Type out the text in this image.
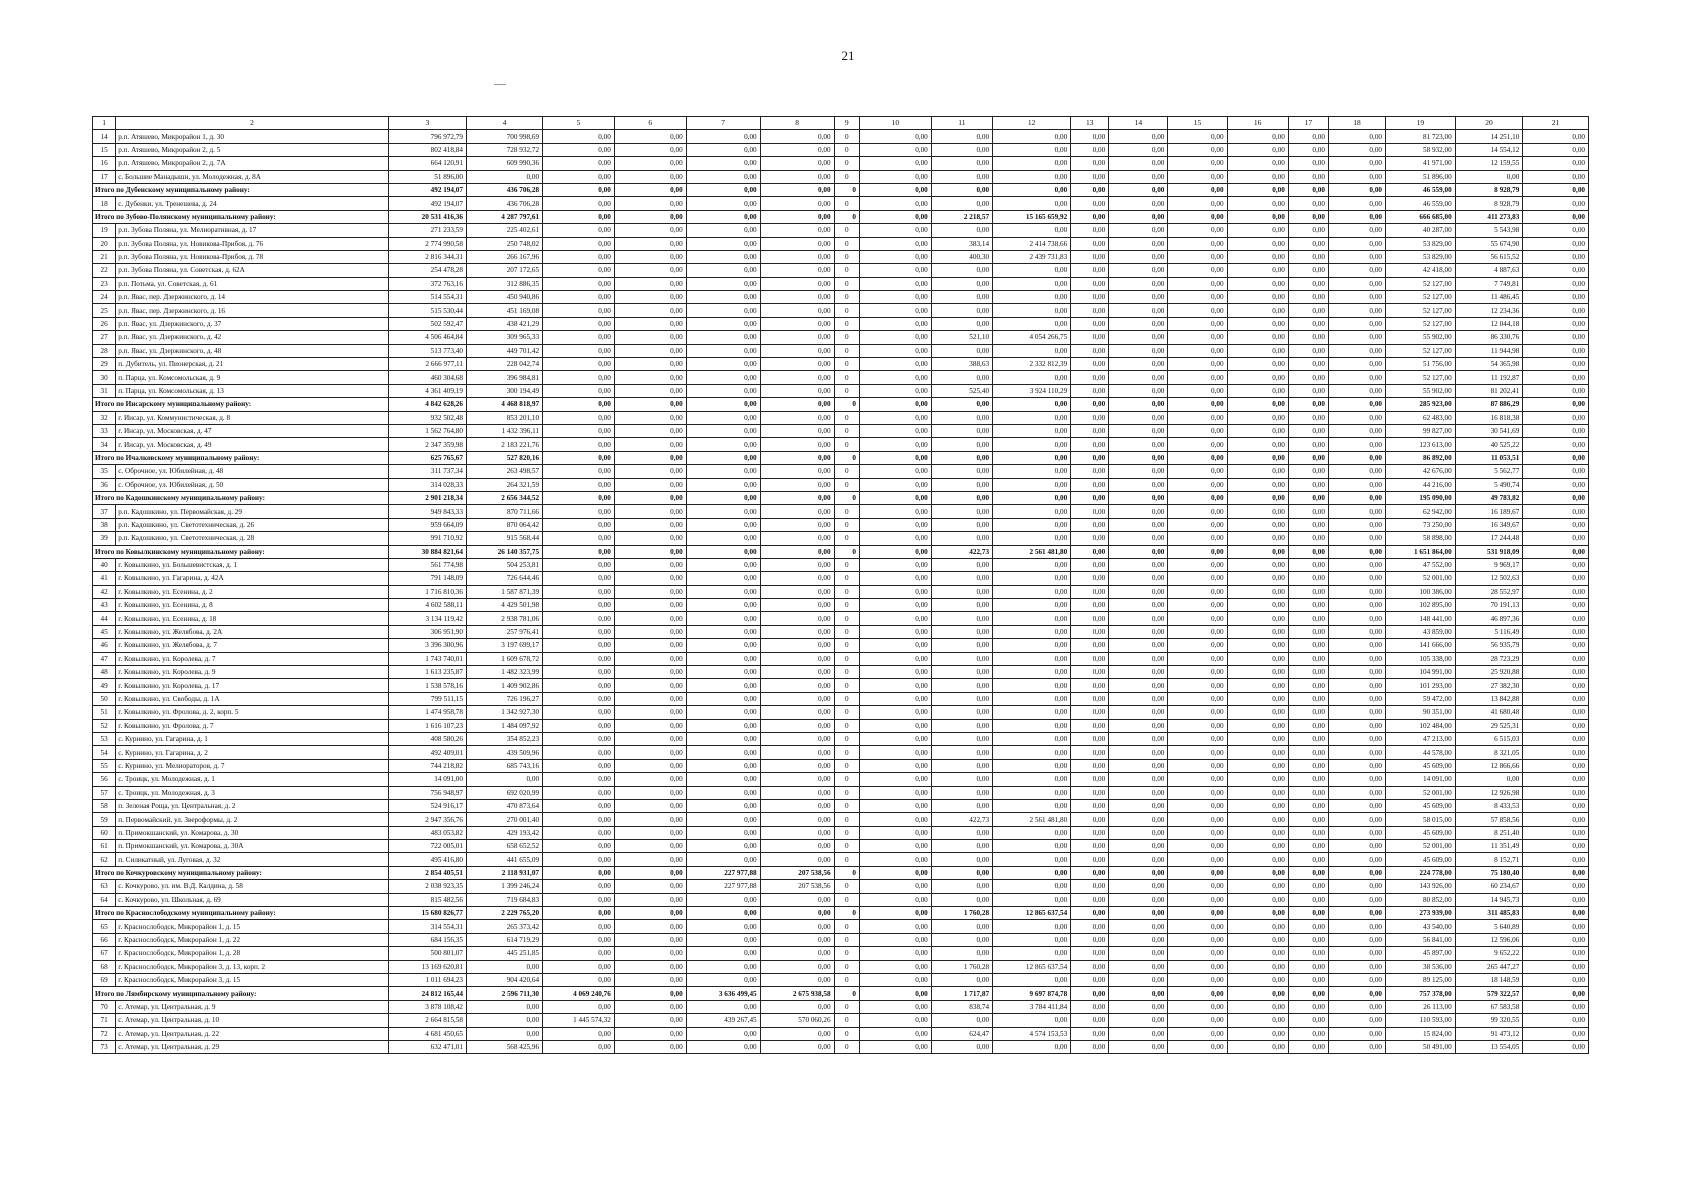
21
1	2	3	4	5	6	7	8	9	10	11	12	13	14	15	16	17	18	19	20	21
14	р.п. Атяшево, Микрорайон 1, д. 30	796 972,79	700 998,69	0,00	0,00	0,00	0,00	0	0,00	0,00	0,00	0,00	0,00	0,00	0,00	0,00	0,00	81 723,00	14 251,10	0,00
15	р.п. Атяшево, Микрорайон 2, д. 5	802 418,84	728 932,72	0,00	0,00	0,00	0,00	0	0,00	0,00	0,00	0,00	0,00	0,00	0,00	0,00	0,00	58 932,00	14 554,12	0,00
16	р.п. Атяшево, Микрорайон 2, д. 7А	664 120,91	609 990,36	0,00	0,00	0,00	0,00	0	0,00	0,00	0,00	0,00	0,00	0,00	0,00	0,00	0,00	41 971,00	12 159,55	0,00
17	с. Большие Манадыши, ул. Молодежная, д. 8А	51 896,00	0,00	0,00	0,00	0,00	0,00	0	0,00	0,00	0,00	0,00	0,00	0,00	0,00	0,00	0,00	51 896,00	0,00	0,00
Итого по Дубенскому муниципальному району:		492 194,07	436 706,28	0,00	0,00	0,00	0,00	0	0,00	0,00	0,00	0,00	0,00	0,00	0,00	0,00	0,00	46 559,00	8 928,79	0,00
18	с. Дубенки, ул. Тренешева, д. 24	492 194,07	436 706,28	0,00	0,00	0,00	0,00	0	0,00	0,00	0,00	0,00	0,00	0,00	0,00	0,00	0,00	46 559,00	8 928,79	0,00
Итого по Зубово-Полянскому муниципальному району:		20 531 416,36	4 287 797,61	0,00	0,00	0,00	0,00	0	0,00	2 218,57	15 165 659,92	0,00	0,00	0,00	0,00	0,00	0,00	666 685,00	411 273,83	0,00
19	р.п. Зубова Поляна, ул. Мелиоративная, д. 17	271 233,59	225 402,61	0,00	0,00	0,00	0,00	0	0,00	0,00	0,00	0,00	0,00	0,00	0,00	0,00	0,00	40 287,00	5 543,98	0,00
20	р.п. Зубова Поляна, ул. Новикова-Прибоя, д. 76	2 774 990,58	250 748,02	0,00	0,00	0,00	0,00	0	0,00	383,14	2 414 738,66	0,00	0,00	0,00	0,00	0,00	0,00	53 829,00	55 674,90	0,00
21	р.п. Зубова Поляна, ул. Новикова-Прибоя, д. 78	2 816 344,31	266 167,96	0,00	0,00	0,00	0,00	0	0,00	400,30	2 439 731,83	0,00	0,00	0,00	0,00	0,00	0,00	53 829,00	56 615,52	0,00
22	р.п. Зубова Поляна, ул. Советская, д. 62А	254 478,28	207 172,65	0,00	0,00	0,00	0,00	0	0,00	0,00	0,00	0,00	0,00	0,00	0,00	0,00	0,00	42 418,00	4 887,63	0,00
23	р.п. Потьма, ул. Советская, д. 61	372 763,16	312 886,35	0,00	0,00	0,00	0,00	0	0,00	0,00	0,00	0,00	0,00	0,00	0,00	0,00	0,00	52 127,00	7 749,81	0,00
24	р.п. Явас, пер. Дзержинского, д. 14	514 554,31	450 940,86	0,00	0,00	0,00	0,00	0	0,00	0,00	0,00	0,00	0,00	0,00	0,00	0,00	0,00	52 127,00	11 486,45	0,00
25	р.п. Явас, пер. Дзержинского, д. 16	515 530,44	451 169,08	0,00	0,00	0,00	0,00	0	0,00	0,00	0,00	0,00	0,00	0,00	0,00	0,00	0,00	52 127,00	12 234,36	0,00
26	р.п. Явас, ул. Дзержинского, д. 37	502 592,47	438 421,29	0,00	0,00	0,00	0,00	0	0,00	0,00	0,00	0,00	0,00	0,00	0,00	0,00	0,00	52 127,00	12 044,18	0,00
27	р.п. Явас, ул. Дзержинского, д. 42	4 506 464,84	309 965,33	0,00	0,00	0,00	0,00	0	0,00	521,10	4 054 266,75	0,00	0,00	0,00	0,00	0,00	0,00	55 902,00	86 330,76	0,00
28	р.п. Явас, ул. Дзержинского, д. 48	513 773,40	449 701,42	0,00	0,00	0,00	0,00	0	0,00	0,00	0,00	0,00	0,00	0,00	0,00	0,00	0,00	52 127,00	11 944,98	0,00
29	п. Дубитель, ул. Пионерская, д. 21	2 666 977,11	228 042,74	0,00	0,00	0,00	0,00	0	0,00	388,63	2 332 812,39	0,00	0,00	0,00	0,00	0,00	0,00	51 756,00	54 365,98	0,00
30	п. Парца, ул. Комсомольская, д. 9	460 304,68	396 984,81	0,00	0,00	0,00	0,00	0	0,00	0,00	0,00	0,00	0,00	0,00	0,00	0,00	0,00	52 127,00	11 192,87	0,00
31	п. Парца, ул. Комсомольская, д. 13	4 361 409,19	300 194,49	0,00	0,00	0,00	0,00	0	0,00	525,40	3 924 110,29	0,00	0,00	0,00	0,00	0,00	0,00	55 902,00	81 202,41	0,00
Итого по Инсарскому муниципальному району:		4 842 628,26	4 468 818,97	0,00	0,00	0,00	0,00	0	0,00	0,00	0,00	0,00	0,00	0,00	0,00	0,00	0,00	285 923,00	87 886,29	0,00
32	г. Инсар, ул. Коммунистическая, д. 8	932 502,48	853 201,10	0,00	0,00	0,00	0,00	0	0,00	0,00	0,00	0,00	0,00	0,00	0,00	0,00	0,00	62 483,00	16 818,38	0,00
33	г. Инсар, ул. Московская, д. 47	1 562 764,80	1 432 396,11	0,00	0,00	0,00	0,00	0	0,00	0,00	0,00	0,00	0,00	0,00	0,00	0,00	0,00	99 827,00	30 541,69	0,00
34	г. Инсар, ул. Московская, д. 49	2 347 359,98	2 183 221,76	0,00	0,00	0,00	0,00	0	0,00	0,00	0,00	0,00	0,00	0,00	0,00	0,00	0,00	123 613,00	40 525,22	0,00
Итого по Ичалковскому муниципальному району:		625 765,67	527 820,16	0,00	0,00	0,00	0,00	0	0,00	0,00	0,00	0,00	0,00	0,00	0,00	0,00	0,00	86 892,00	11 053,51	0,00
35	с. Оброчное, ул. Юбилейная, д. 48	311 737,34	263 498,57	0,00	0,00	0,00	0,00	0	0,00	0,00	0,00	0,00	0,00	0,00	0,00	0,00	0,00	42 676,00	5 562,77	0,00
36	с. Оброчное, ул. Юбилейная, д. 50	314 028,33	264 321,59	0,00	0,00	0,00	0,00	0	0,00	0,00	0,00	0,00	0,00	0,00	0,00	0,00	0,00	44 216,00	5 490,74	0,00
Итого по Кадошкинскому муниципальному району:		2 901 218,34	2 656 344,52	0,00	0,00	0,00	0,00	0	0,00	0,00	0,00	0,00	0,00	0,00	0,00	0,00	0,00	195 090,00	49 783,82	0,00
37	р.п. Кадошкино, ул. Первомайская, д. 29	949 843,33	870 711,66	0,00	0,00	0,00	0,00	0	0,00	0,00	0,00	0,00	0,00	0,00	0,00	0,00	0,00	62 942,00	16 189,67	0,00
38	р.п. Кадошкино, ул. Светотехническая, д. 26	959 664,09	870 064,42	0,00	0,00	0,00	0,00	0	0,00	0,00	0,00	0,00	0,00	0,00	0,00	0,00	0,00	73 250,00	16 349,67	0,00
39	р.п. Кадошкино, ул. Светотехническая, д. 28	991 710,92	915 568,44	0,00	0,00	0,00	0,00	0	0,00	0,00	0,00	0,00	0,00	0,00	0,00	0,00	0,00	58 898,00	17 244,48	0,00
Итого по Ковылкинскому муниципальному району:		30 884 821,64	26 140 357,75	0,00	0,00	0,00	0,00	0	0,00	422,73	2 561 481,80	0,00	0,00	0,00	0,00	0,00	0,00	1 651 864,00	531 918,09	0,00
40	г. Ковылкино, ул. Большевистская, д. 1	561 774,98	504 253,81	0,00	0,00	0,00	0,00	0	0,00	0,00	0,00	0,00	0,00	0,00	0,00	0,00	0,00	47 552,00	9 969,17	0,00
41	г. Ковылкино, ул. Гагарина, д. 42А	791 148,09	726 644,46	0,00	0,00	0,00	0,00	0	0,00	0,00	0,00	0,00	0,00	0,00	0,00	0,00	0,00	52 001,00	12 502,63	0,00
42	г. Ковылкино, ул. Есенина, д. 2	1 716 810,36	1 587 871,39	0,00	0,00	0,00	0,00	0	0,00	0,00	0,00	0,00	0,00	0,00	0,00	0,00	0,00	100 386,00	28 552,97	0,00
43	г. Ковылкино, ул. Есенина, д. 8	4 602 588,11	4 429 501,98	0,00	0,00	0,00	0,00	0	0,00	0,00	0,00	0,00	0,00	0,00	0,00	0,00	0,00	102 895,00	70 191,13	0,00
44	г. Ковылкино, ул. Есенина, д. 18	3 134 119,42	2 938 781,06	0,00	0,00	0,00	0,00	0	0,00	0,00	0,00	0,00	0,00	0,00	0,00	0,00	0,00	148 441,00	46 897,36	0,00
45	г. Ковылкино, ул. Желябова, д. 2А	306 951,90	257 976,41	0,00	0,00	0,00	0,00	0	0,00	0,00	0,00	0,00	0,00	0,00	0,00	0,00	0,00	43 859,00	5 116,49	0,00
46	г. Ковылкино, ул. Желябова, д. 7	3 396 300,96	3 197 699,17	0,00	0,00	0,00	0,00	0	0,00	0,00	0,00	0,00	0,00	0,00	0,00	0,00	0,00	141 666,00	56 935,79	0,00
47	г. Ковылкино, ул. Королева, д. 7	1 743 740,01	1 609 678,72	0,00	0,00	0,00	0,00	0	0,00	0,00	0,00	0,00	0,00	0,00	0,00	0,00	0,00	105 338,00	28 723,29	0,00
48	г. Ковылкино, ул. Королева, д. 9	1 613 235,87	1 482 323,99	0,00	0,00	0,00	0,00	0	0,00	0,00	0,00	0,00	0,00	0,00	0,00	0,00	0,00	104 991,00	25 920,88	0,00
49	г. Ковылкино, ул. Королева, д. 17	1 538 578,16	1 409 902,86	0,00	0,00	0,00	0,00	0	0,00	0,00	0,00	0,00	0,00	0,00	0,00	0,00	0,00	101 293,00	27 382,30	0,00
50	г. Ковылкино, ул. Свободы, д. 1А	799 511,15	726 196,27	0,00	0,00	0,00	0,00	0	0,00	0,00	0,00	0,00	0,00	0,00	0,00	0,00	0,00	59 472,00	13 842,88	0,00
51	г. Ковылкино, ул. Фролова, д. 2, корп. 5	1 474 958,78	1 342 927,30	0,00	0,00	0,00	0,00	0	0,00	0,00	0,00	0,00	0,00	0,00	0,00	0,00	0,00	90 351,00	41 680,48	0,00
52	г. Ковылкино, ул. Фролова, д. 7	1 616 107,23	1 484 097,92	0,00	0,00	0,00	0,00	0	0,00	0,00	0,00	0,00	0,00	0,00	0,00	0,00	0,00	102 484,00	29 525,31	0,00
53	с. Курнино, ул. Гагарина, д. 1	408 580,26	354 852,23	0,00	0,00	0,00	0,00	0	0,00	0,00	0,00	0,00	0,00	0,00	0,00	0,00	0,00	47 213,00	6 515,03	0,00
54	с. Курнино, ул. Гагарина, д. 2	492 409,01	439 509,96	0,00	0,00	0,00	0,00	0	0,00	0,00	0,00	0,00	0,00	0,00	0,00	0,00	0,00	44 578,00	8 321,05	0,00
55	с. Курнино, ул. Мелиораторов, д. 7	744 218,82	685 743,16	0,00	0,00	0,00	0,00	0	0,00	0,00	0,00	0,00	0,00	0,00	0,00	0,00	0,00	45 609,00	12 866,66	0,00
56	с. Троицк, ул. Молодежная, д. 1	14 091,00	0,00	0,00	0,00	0,00	0,00	0	0,00	0,00	0,00	0,00	0,00	0,00	0,00	0,00	0,00	14 091,00	0,00	0,00
57	с. Троицк, ул. Молодежная, д. 3	756 948,97	692 020,99	0,00	0,00	0,00	0,00	0	0,00	0,00	0,00	0,00	0,00	0,00	0,00	0,00	0,00	52 001,00	12 926,98	0,00
58	п. Зеленая Роща, ул. Центральная, д. 2	524 916,17	470 873,64	0,00	0,00	0,00	0,00	0	0,00	0,00	0,00	0,00	0,00	0,00	0,00	0,00	0,00	45 609,00	8 433,53	0,00
59	п. Первомайский, ул. Звероформы, д. 2	2 947 356,76	270 001,40	0,00	0,00	0,00	0,00	0	0,00	422,73	2 561 481,80	0,00	0,00	0,00	0,00	0,00	0,00	58 015,00	57 858,56	0,00
60	п. Примокшанский, ул. Комарова, д. 30	483 053,82	429 193,42	0,00	0,00	0,00	0,00	0	0,00	0,00	0,00	0,00	0,00	0,00	0,00	0,00	0,00	45 609,00	8 251,40	0,00
61	п. Примокшанский, ул. Комарова, д. 30А	722 005,01	658 652,52	0,00	0,00	0,00	0,00	0	0,00	0,00	0,00	0,00	0,00	0,00	0,00	0,00	0,00	52 001,00	11 351,49	0,00
62	п. Силикатный, ул. Луговая, д. 32	495 416,80	441 655,09	0,00	0,00	0,00	0,00	0	0,00	0,00	0,00	0,00	0,00	0,00	0,00	0,00	0,00	45 609,00	8 152,71	0,00
Итого по Кочкуровскому муниципальному району:		2 854 405,51	2 118 931,07	0,00	0,00	227 977,88	207 538,56	0	0,00	0,00	0,00	0,00	0,00	0,00	0,00	0,00	0,00	224 778,00	75 180,40	0,00
63	с. Кочкурово, ул. им. В.Д. Калдина, д. 58	2 038 923,35	1 399 246,24	0,00	0,00	227 977,88	207 538,56	0	0,00	0,00	0,00	0,00	0,00	0,00	0,00	0,00	0,00	143 926,00	60 234,67	0,00
64	с. Кочкурово, ул. Школьная, д. 69	815 482,56	719 684,83	0,00	0,00	0,00	0,00	0	0,00	0,00	0,00	0,00	0,00	0,00	0,00	0,00	0,00	80 852,00	14 945,73	0,00
Итого по Краснослободскому муниципальному району:		15 680 826,77	2 229 765,20	0,00	0,00	0,00	0,00	0	0,00	1 760,28	12 865 637,54	0,00	0,00	0,00	0,00	0,00	0,00	273 939,00	311 485,83	0,00
65	г. Краснослободск, Микрорайон 1, д. 15	314 554,31	265 373,42	0,00	0,00	0,00	0,00	0	0,00	0,00	0,00	0,00	0,00	0,00	0,00	0,00	0,00	43 540,00	5 640,89	0,00
66	г. Краснослободск, Микрорайон 1, д. 22	684 156,35	614 719,29	0,00	0,00	0,00	0,00	0	0,00	0,00	0,00	0,00	0,00	0,00	0,00	0,00	0,00	56 841,00	12 596,06	0,00
67	г. Краснослободск, Микрорайон 1, д. 28	500 801,07	445 251,85	0,00	0,00	0,00	0,00	0	0,00	0,00	0,00	0,00	0,00	0,00	0,00	0,00	0,00	45 897,00	9 652,22	0,00
68	г. Краснослободск, Микрорайон 3, д. 13, корп. 2	13 169 620,81	0,00	0,00	0,00	0,00	0,00	0	0,00	1 760,28	12 865 637,54	0,00	0,00	0,00	0,00	0,00	0,00	38 536,00	265 447,27	0,00
69	г. Краснослободск, Микрорайон 3, д. 15	1 011 694,23	904 420,64	0,00	0,00	0,00	0,00	0	0,00	0,00	0,00	0,00	0,00	0,00	0,00	0,00	0,00	89 125,00	18 148,59	0,00
Итого по Лямбирскому муниципальному району:		24 812 165,44	2 596 711,30	4 069 240,76	0,00	3 636 499,45	2 675 938,58	0	0,00	1 717,87	9 697 874,78	0,00	0,00	0,00	0,00	0,00	0,00	757 378,00	579 322,57	0,00
70	с. Атемар, ул. Центральная, д. 9	3 878 108,42	0,00	0,00	0,00	0,00	0,00	0	0,00	838,74	3 784 411,84	0,00	0,00	0,00	0,00	0,00	0,00	26 113,00	67 583,58	0,00
71	с. Атемар, ул. Центральная, д. 10	2 664 815,58	0,00	1 445 574,32	0,00	439 267,45	570 060,26	0	0,00	0,00	0,00	0,00	0,00	0,00	0,00	0,00	0,00	110 593,00	99 320,55	0,00
72	с. Атемар, ул. Центральная, д. 22	4 681 450,65	0,00	0,00	0,00	0,00	0,00	0	0,00	624,47	4 574 153,53	0,00	0,00	0,00	0,00	0,00	0,00	15 824,00	91 473,12	0,00
73	с. Атемар, ул. Центральная, д. 29	632 471,01	568 425,96	0,00	0,00	0,00	0,00	0	0,00	0,00	0,00	0,00	0,00	0,00	0,00	0,00	0,00	50 491,00	13 554,05	0,00
